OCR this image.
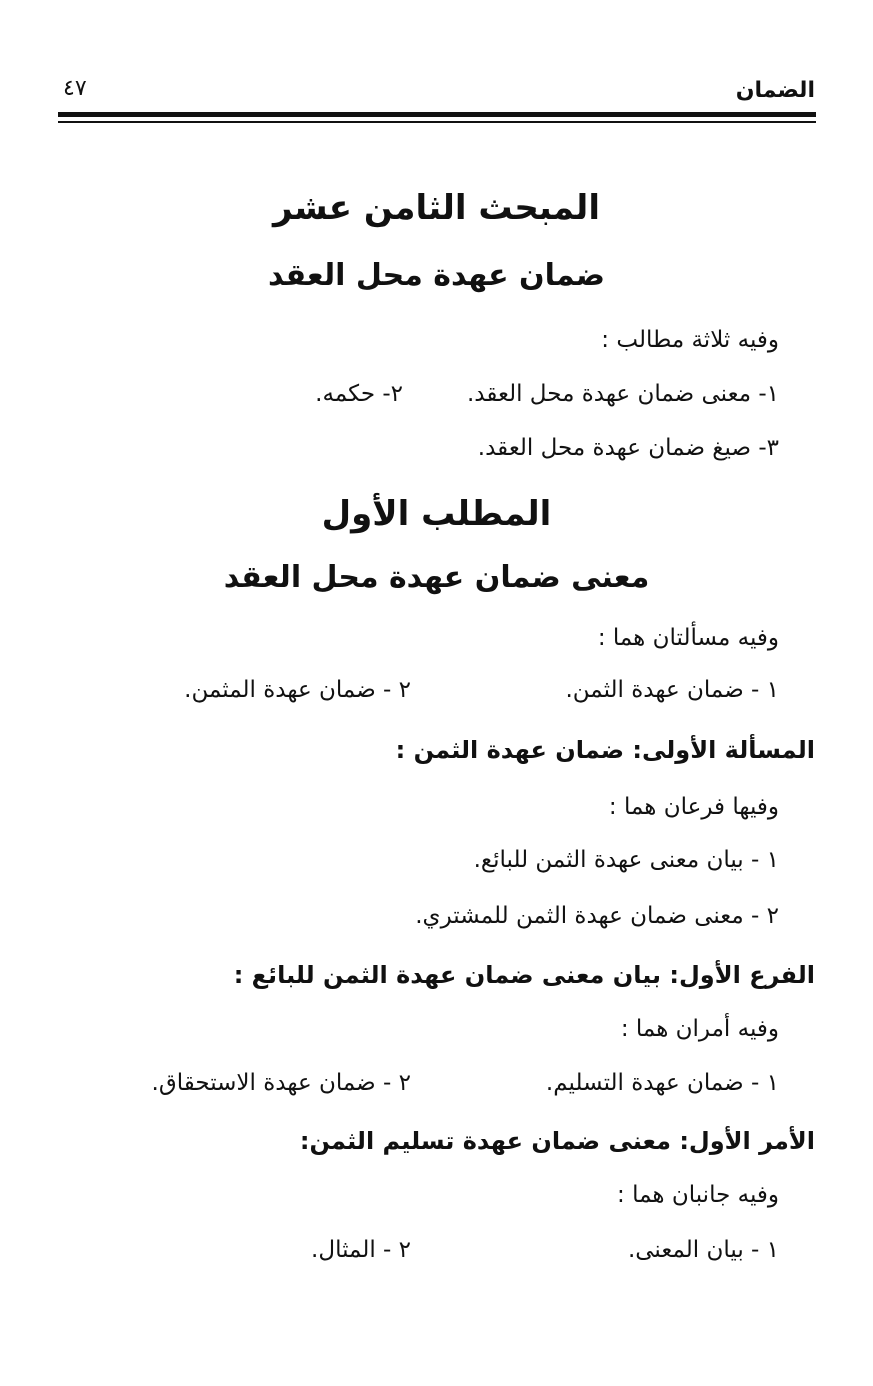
الضمان
٤٧
المبحث الثامن عشر
ضمان عهدة محل العقد
وفيه ثلاثة مطالب :
١- معنى ضمان عهدة محل العقد.
٢- حكمه.
٣- صيغ ضمان عهدة محل العقد.
المطلب الأول
معنى ضمان عهدة محل العقد
وفيه مسألتان هما :
١ - ضمان عهدة الثمن.
٢ - ضمان عهدة المثمن.
المسألة الأولى: ضمان عهدة الثمن :
وفيها فرعان هما :
١ - بيان معنى عهدة الثمن للبائع.
٢ - معنى ضمان عهدة الثمن للمشتري.
الفرع الأول: بيان معنى ضمان عهدة الثمن للبائع :
وفيه أمران هما :
١ - ضمان عهدة التسليم.
٢ - ضمان عهدة الاستحقاق.
الأمر الأول: معنى ضمان عهدة تسليم الثمن:
وفيه جانبان هما :
١ - بيان المعنى.
٢ - المثال.
